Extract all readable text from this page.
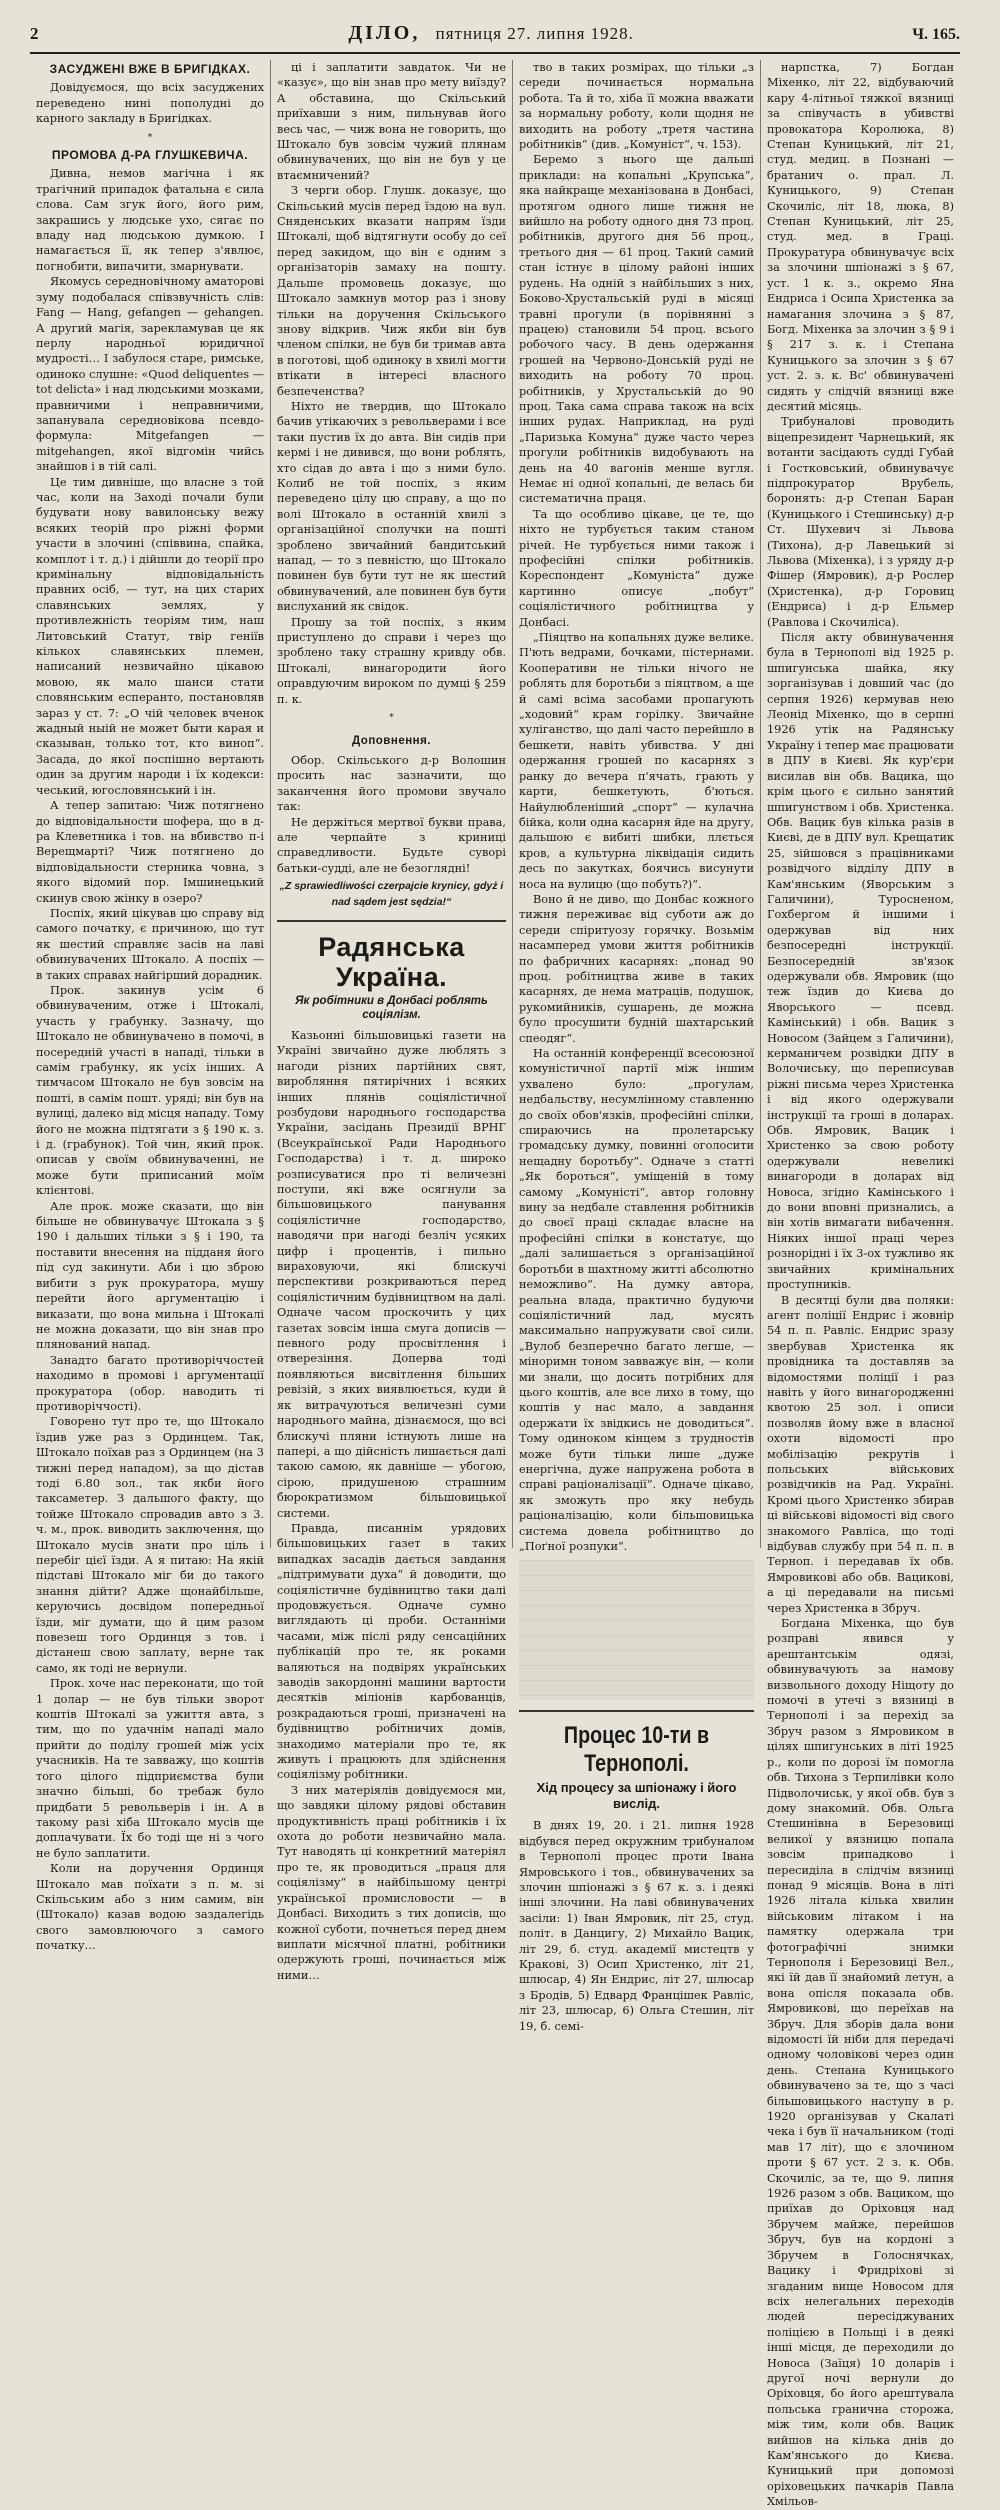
2	ДІЛО, пятниця 27. липня 1928.	Ч. 165.
ЗАСУДЖЕНІ ВЖЕ В БРИГІДКАХ.

Довідуємося, що всіх засуджених переведено нині пополудні до карного закладу в Бригідках.

*
ПРОМОВА Д-РА ГЛУШКЕВИЧА.

Дивна, немов магічна і як трагічний припадок фатальна є сила слова. Сам згук його, його рим, закрашись у людське ухо, сягає по владу над людською думкою. І намагається її, як тепер з'явлює, погнобити, випачити, змарнувати.

Якомусь середновічному аматорові зуму подобалася співзвучність слів: Fang — Hang, gefangen — gehangen. А другий магія, зарекламував це як перлу народньої юридичної мудрості… І забулося старе, римське, одиноко слушне: «Quod deliquentes — tot delicta» і над людськими мозками, правничими і неправничими, запанувала середновікова псевдо-формула: Mitgefangen — mitgehangen, якої відгомін чийсь знайшов і в тій салі.

Це тим дивніше, що власне з той час, коли на Заході почали були будувати нову вавилонську вежу всяких теорій про ріжні форми участи в злочині (співвина, спайка, комплот і т. д.) і дійшли до теорії про кримінальну відповідальність правних осіб, — тут, на цих старих славянських землях, у противлежність теоріям тим, наш Литовський Статут, твір геніїв кількох славянських племен, написаний незвичайно цікавою мовою, як мало шанси стати словянським есперанто, постановляв зараз у ст. 7: „О чій человек вченок жадный ныій не может быти карая и сказыван, только тот, кто виноп“. Засада, до якої поспішно вертають один за другим народи і їх кодекси: чеський, югословянський і ін.

А тепер запитаю: Чиж потягнено до відповідальности шофера, що в д-ра Клеветника і тов. на вбивство п-і Верещмарті? Чиж потягнено до відповідальности стерника човна, з якого відомий пор. Імшинецький скинув свою жінку в озеро?

Поспіх, який цікував цю справу від самого початку, є причиною, що тут як шестий справляє засів на лаві обвинувачених Штокало. А поспіх — в таких справах найгірший дорадник.

Прок. закинув усім 6 обвинуваченим, отже і Штокалі, участь у грабунку. Зазначу, що Штокало не обвинувачено в помочі, в посередній участі в нападі, тільки в самім грабунку, як усіх інших. А тимчасом Штокало не був зовсім на пошті, в самім пошт. уряді; він був на вулиці, далеко від місця нападу. Тому його не можна підтягати з § 190 к. з. і д. (грабунок). Той чин, який прок. описав у своїм обвинуваченні, не може бути приписаний моїм клієнтові.

Але прок. може сказати, що він більше не обвинувачує Штокала з § 190 і дальших тільки з § і 190, та поставити внесення на підданя його під суд закинути. Аби і цю зброю вибити з рук прокуратора, мушу перейти його аргументацію і виказати, що вона мильна і Штокалі не можна доказати, що він знав про плянований напад.

Занадто багато противоріччостей находимо в промові і аргументації прокуратора (обор. наводить ті противоріччості).

Говорено тут про те, що Штокало їздив уже раз з Ординцем. Так, Штокало поїхав раз з Ординцем (на 3 тижні перед нападом), за що дістав тоді 6.80 зол., так якби його таксаметер. З дальшого факту, що тойже Штокало спровадив авто з 3. ч. м., прок. виводить заключення, що Штокало мусів знати про ціль і перебіг цієї їзди. А я питаю: На якій підставі Штокало міг би до такого знання дійти? Адже щонайбільше, керуючись досвідом попередньої їзди, міг думати, що й цим разом повезеш того Ординця з тов. і дістанеш свою заплату, верне так само, як тоді не вернули.

Прок. хоче нас переконати, що той 1 долар — не був тільки зворот коштів Штокалі за ужиття авта, з тим, що по удачнім нападі мало прийти до поділу грошей між усіх учасників. На те завважу, що коштів того цілого підприємства були значно більші, бо требаж було придбати 5 револьверів і ін. А в такому разі хіба Штокало мусів ще доплачувати. Їх бо тоді ще ні з чого не було заплатити.

Коли на доручення Ординця Штокало мав поїхати з п. м. зі Скільським або з ним самим, він (Штокало) казав водою заздалегідь свого замовлюючого з самого початку…

ці і заплатити завдаток. Чи не «казує», що він знав про мету виїзду? А обставина, що Скільський приїхавши з ним, пильнував його весь час, — чиж вона не говорить, що Штокало був зовсім чужий плянам обвинувачених, що він не був у це втаємничений?

З черги обор. Глушк. доказує, що Скільський мусів перед їздою на вул. Сняденських вказати напрям їзди Штокалі, щоб відтягнути особу до сеї перед закидом, що він є одним з організаторів замаху на пошту. Дальше промовець доказує, що Штокало замкнув мотор раз і знову тільки на доручення Скільського знову відкрив. Чиж якби він був членом спілки, не був би тримав авта в поготові, щоб одиноку в хвилі могти втікати в інтересі власного безпеченства?

Ніхто не твердив, що Штокало бачив утікаючих з револьверами і все таки пустив їх до авта. Він сидів при кермі і не дивився, що вони роблять, хто сідав до авта і що з ними було. Колиб не той поспіх, з яким переведено цілу цю справу, а що по волі Штокало в останній хвилі з організаційної сполучки на пошті зроблено звичайний бандитський напад, — то з певністю, що Штокало повинен був бути тут не як шестий обвинувачений, але повинен був бути вислуханий як свідок.

Прошу за той поспіх, з яким приступлено до справи і через що зроблено таку страшну кривду обв. Штокалі, винагородити його оправдуючим вироком по думці § 259 п. к.

*
Доповнення.

Обор. Скільського д-р Волошин просить нас зазначити, що заканчення його промови звучало так:

Не держіться мертвої букви права, але черпайте з криниці справедливости. Будьте суворі батьки-судді, але не безоглядні!

„Z sprawiedliwości czerpajcie krynicy, gdyż i nad sądem jest sędzia!“
Радянська Україна.
Як робітники в Донбасі роблять соціялізм.

Казьонні більшовицькі газети на Україні звичайно дуже люблять з нагоди різних партійних свят, виробляння пятирічних і всяких інших плянів соціялістичної розбудови народнього господарства України, засідань Президії ВРНГ (Всеукраїнської Ради Народнього Господарства) і т. д. широко розписуватися про ті величезні поступи, які вже осягнули за більшовицького панування соціялістичне господарство, наводячи при нагоді безліч усяких цифр і процентів, і пильно вираховуючи, які блискучі перспективи розкриваються перед соціялістичним будівництвом на далі. Одначе часом проскочить у цих газетах зовсім інша смуга дописів — певного роду просвітлення і отверезіння. Доперва тоді появляються висвітлення більших ревізій, з яких виявлюється, куди й як витрачуються величезні суми народнього майна, дізнаємося, що всі блискучі пляни істнують лише на папері, а що дійсність лишається далі такою самою, як давніше — убогою, сірою, придушеною страшним бюрократизмом більшовицької системи.

Правда, писаннім урядових більшовицьких газет в таких випадках засадів дається завдання „підтримувати духа“ й доводити, що соціялістичне будівництво таки далі продовжується. Одначе сумно виглядають ці проби. Останніми часами, між післі ряду сенсаційних публікацій про те, як роками валяються на подвірях українських заводів закордонні машини вартости десятків міліонів карбованців, розкрадаються гроші, призначені на будівництво робітничих домів, знаходимо матеріали про те, як живуть і працюють для здійснення соціялізму робітники.

З них матеріялів довідуємося ми, що завдяки цілому рядові обставин продуктивність праці робітників і їх охота до роботи незвичайно мала. Тут наводять ці конкретний матеріял про те, як проводиться „праця для соціялізму“ в найбільшому центрі української промисловости — в Донбасі. Виходить з тих дописів, що кожної суботи, почнеться перед днем виплати місячної платні, робітники одержують гроші, починається між ними…

тво в таких розмірах, що тільки „з середи починається нормальна робота. Та й то, хіба її можна вважати за нормальну роботу, коли щодня не виходить на роботу „третя частина робітників“ (див. „Комуніст“, ч. 153).

Беремо з нього ще дальші приклади: на копальні „Крупська“, яка найкраще механізована в Донбасі, протягом одного лише тижня не вийшло на роботу одного дня 73 проц. робітників, другого дня 56 проц., третього дня — 61 проц. Такий самий стан істнує в цілому районі інших рудень. На одній з найбільших з них, Боково-Хрустальській руді в місяці травні прогули (в порівнянні з працею) становили 54 проц. всього робочого часу. В день одержання грошей на Червоно-Донській руді не виходить на роботу 70 проц. робітників, у Хрустальській до 90 проц. Така сама справа також на всіх інших рудах. Наприклад, на руді „Паризька Комуна“ дуже часто через прогули робітників видобувають на день на 40 вагонів менше вугля. Немає ні одної копальні, де велась би систематична праця.

Та що особливо цікаве, це те, що ніхто не турбується таким станом річей. Не турбується ними також і професійні спілки робітників. Кореспондент „Комуніста“ дуже картинно описує „побут“ соціялістичного робітництва у Донбасі.

„Піяцтво на копальнях дуже велике. П'ють ведрами, бочками, пістернами. Кооперативи не тільки нічого не роблять для боротьби з піяцтвом, а ще й самі всіма засобами пропагують „ходовий“ крам горілку. Звичайне хуліганство, що далі часто перейшло в бешкети, навіть убивства. У дні одержання грошей по касарнях з ранку до вечера п'ячать, грають у карти, бешкетують, б'ються. Найулюбленіший „спорт“ — кулачна бійка, коли одна касарня йде на другу, дальшою є вибиті шибки, ллється кров, а культурна ліквідація сидить десь по закутках, боячись висунути носа на вулицю (що побуть?)“.

Воно й не диво, що Донбас кожного тижня переживає від суботи аж до середи спіритуозу горячку. Возьмім насамперед умови життя робітників по фабричних касарнях: „понад 90 проц. робітництва живе в таких касарнях, де нема матраців, подушок, рукомийників, сушарень, де можна було просушити будній шахтарський спеодяг“.

На останній конференції всесоюзної комуністичної партії між іншим ухвалено було: „прогулам, недбальству, несумлінному ставленню до своїх обов'язків, професійні спілки, спираючись на пролетарську громадську думку, повинні оголосити нещадну боротьбу“. Одначе з статті „Як бороться“, уміщеній в тому самому „Комуністі“, автор головну вину за недбале ставлення робітників до своєї праці складає власне на професійні спілки в констатує, що „далі залишається з організаційної боротьби в шахтному житті абсолютно неможливо“. На думку автора, реальна влада, практично будуючи соціялістичний лад, мусять максимально напружувати свої сили. „Вулоб безперечно багато легше, — міноримн тоном завважує він, — коли ми знали, що досить потрібних для цього коштів, але все лихо в тому, що коштів у нас мало, а завдання одержати їх звідкись не доводиться“. Тому одиноком кінцем з трудностів може бути тільки лише „дуже енергічна, дуже напружена робота в справі раціоналізації“. Одначе цікаво, як зможуть про яку небудь раціоналізацію, коли більшовицька система довела робітництво до „Поґної розпуки“.

Процес 10-ти в Тернополі.
Хід процесу за шпіонажу і його вислід.

В днях 19, 20. і 21. липня 1928 відбувся перед окружним трибуналом в Тернополі процес проти Івана Ямровського і тов., обвинувачених за злочин шпіонажі з § 67 к. з. і деякі інші злочини. На лаві обвинувачених засіли: 1) Іван Ямровик, літ 25, студ. політ. в Данцигу, 2) Михайло Вацик, літ 29, б. студ. академії мистецтв у Кракові, 3) Осип Христенко, літ 21, шлюсар, 4) Ян Ендрис, літ 27, шлюсар з Бродів, 5) Едвард Францішек Равліс, літ 23, шлюсар, 6) Ольга Стешин, літ 19, б. семі-

нарпстка, 7) Богдан Міхенко, літ 22, відбуваючий кару 4-літньої тяжкої вязниці за співучасть в убивстві провокатора Королюка, 8) Степан Куницький, літ 21, студ. медиц. в Познані — братанич о. прал. Л. Куницького, 9) Степан Скочиліс, літ 18, люка, 8) Степан Куницький, літ 25, студ. мед. в Граці. Прокуратура обвинувачує всіх за злочини шпіонажі з § 67, уст. 1 к. з., окремо Яна Ендриса і Осипа Христенка за намагання злочина з § 87, Богд. Міхенка за злочин з § 9 і § 217 з. к. і Степана Куницького за злочин з § 67 уст. 2. з. к. Вс' обвинувачені сидять у слідчій вязниці вже десятий місяць.

Трибуналові проводить віцепрезидент Чарнецький, як вотанти засідають судді Губай і Гостковський, обвинувачує підпрокуратор Врубель, боронять: д-р Степан Баран (Куницького і Стешинську) д-р Ст. Шухевич зі Львова (Тихона), д-р Лавецький зі Львова (Міхенка), і з уряду д-р Фішер (Ямровик), д-р Рослер (Христенка), д-р Горовиц (Ендриса) і д-р Ельмер (Равлова і Скочиліса).

Після акту обвинувачення була в Тернополі від 1925 р. шпигунська шайка, яку зорганізував і довший час (до серпня 1926) кермував нею Леонід Міхенко, що в серпні 1926 утік на Радянську Україну і тепер має працювати в ДПУ в Києві. Як кур'єри висилав він обв. Вацика, що крім цього є сильно занятий шпигунством і обв. Христенка. Обв. Вацик був кілька разів в Києві, де в ДПУ вул. Крещатик 25, зійшовся з працівниками розвідчого відділу ДПУ в Кам'янським (Яворським з Галичини), Туросненом, Гохбергом й іншими і одержував від них безпосередні інструкції. Безпосередній зв'язок одержували обв. Ямровик (що теж їздив до Києва до Яворського — псевд. Камінський) і обв. Вацик з Новосом (Зайцем з Галичини), керманичем розвідки ДПУ в Волочиську, що переписував ріжні письма через Христенка і від якого одержували інструкції та гроші в доларах. Обв. Ямровик, Вацик і Христенко за свою роботу одержували невеликі винагороди в доларах від Новоса, згідно Камінського і до вони вповні признались, а він хотів вимагати вибачення. Ніяких іншої праці через рознорідні і їх 3-ох тужливо як звичайних кримінальних проступників.

В десятці були два поляки: агент поліції Ендрис і жовнір 54 п. п. Равліс. Ендрис зразу звербував Христенка як провідника та доставляв за відомостями поліції і раз навіть у його винагородженні квотою 25 зол. і описи позволяв йому вже в власної охоти відомості про мобілізацію рекрутів і польських військових розвідчиків на Рад. Україні. Кромі цього Христенко збирав ці військові відомості від свого знакомого Равліса, що тоді відбував службу при 54 п. п. в Терноп. і передавав їх обв. Ямровикові або обв. Вацикові, а ці передавали на письмі через Христенка в Збруч.

Богдана Міхенка, що був розправі явився у арештантськім одязі, обвинувачують за намову визвольного доходу Ніщоту до помочі в утечі з вязниці в Тернополі і за перехід за Збруч разом з Ямровиком в цілях шпигунських в літі 1925 р., коли по дорозі їм помогла обв. Тихона з Терпилівки коло Підволочиськ, у якої обв. був з дому знакомий. Обв. Ольга Стешинівна в Березовиці великої у вязницю попала зовсім припадково і пересиділа в слідчім вязниці понад 9 місяців. Вона в літі 1926 літала кілька хвилин військовим літаком і на памятку одержала три фотографічні знимки Тернополя і Березовиці Вел., які їй дав її знайомий летун, а вона опісля показала обв. Ямровикові, що переїхав на Збруч. Для зборів дала вони відомості їй ніби для передачі одному чоловікові через один день. Степана Куницького обвинувачено за те, що з часі більшовицького наступу в р. 1920 організував у Скалаті чека і був її начальником (тоді мав 17 літ), що є злочином проти § 67 уст. 2 з. к. Обв. Скочиліс, за те, що 9. липня 1926 разом з обв. Вациком, що приїхав до Оріховця над Збручем майже, перейшов Збруч, був на кордоні з Збручем в Голоснячках, Вацику і Фридріхові зі згаданим вище Новосом для всіх нелегальних переходів людей пересіджуваних поліцією в Польщі і в деякі інші місця, де переходили до Новоса (Заїця) 10 доларів і другої ночі вернули до Оріховця, бо його арештувала польська гранична сторожа, між тим, коли обв. Вацик вийшов на кілька днів до Кам'янського до Києва. Куницький при допомозі оріховецьких пачкарів Павла Хмільов-
